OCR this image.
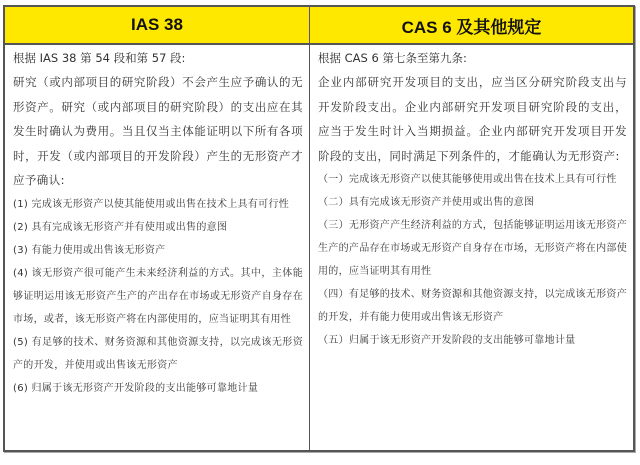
IAS 38	CAS 6 及其他规定
根据 IAS 38 第 54 段和第 57 段:
研究（或内部项目的研究阶段）不会产生应予确认的无形资产。研究（或内部项目的研究阶段）的支出应在其发生时确认为费用。当且仅当主体能证明以下所有各项时，开发（或内部项目的开发阶段）产生的无形资产才应予确认:
(1) 完成该无形资产以使其能使用或出售在技术上具有可行性
(2) 具有完成该无形资产并有使用或出售的意图
(3) 有能力使用或出售该无形资产
(4) 该无形资产很可能产生未来经济利益的方式。其中，主体能够证明运用该无形资产生产的产出存在市场或无形资产自身存在市场，或者，该无形资产将在内部使用的，应当证明其有用性
(5) 有足够的技术、财务资源和其他资源支持，以完成该无形资产的开发，并使用或出售该无形资产
(6) 归属于该无形资产开发阶段的支出能够可靠地计量
根据 CAS 6 第七条至第九条:
企业内部研究开发项目的支出，应当区分研究阶段支出与开发阶段支出。企业内部研究开发项目研究阶段的支出，应当于发生时计入当期损益。企业内部研究开发项目开发阶段的支出，同时满足下列条件的，才能确认为无形资产:
（一）完成该无形资产以使其能够使用或出售在技术上具有可行性
（二）具有完成该无形资产并使用或出售的意图
（三）无形资产产生经济利益的方式，包括能够证明运用该无形资产生产的产品存在市场或无形资产自身存在市场，无形资产将在内部使用的，应当证明其有用性
（四）有足够的技术、财务资源和其他资源支持，以完成该无形资产的开发，并有能力使用或出售该无形资产
（五）归属于该无形资产开发阶段的支出能够可靠地计量
